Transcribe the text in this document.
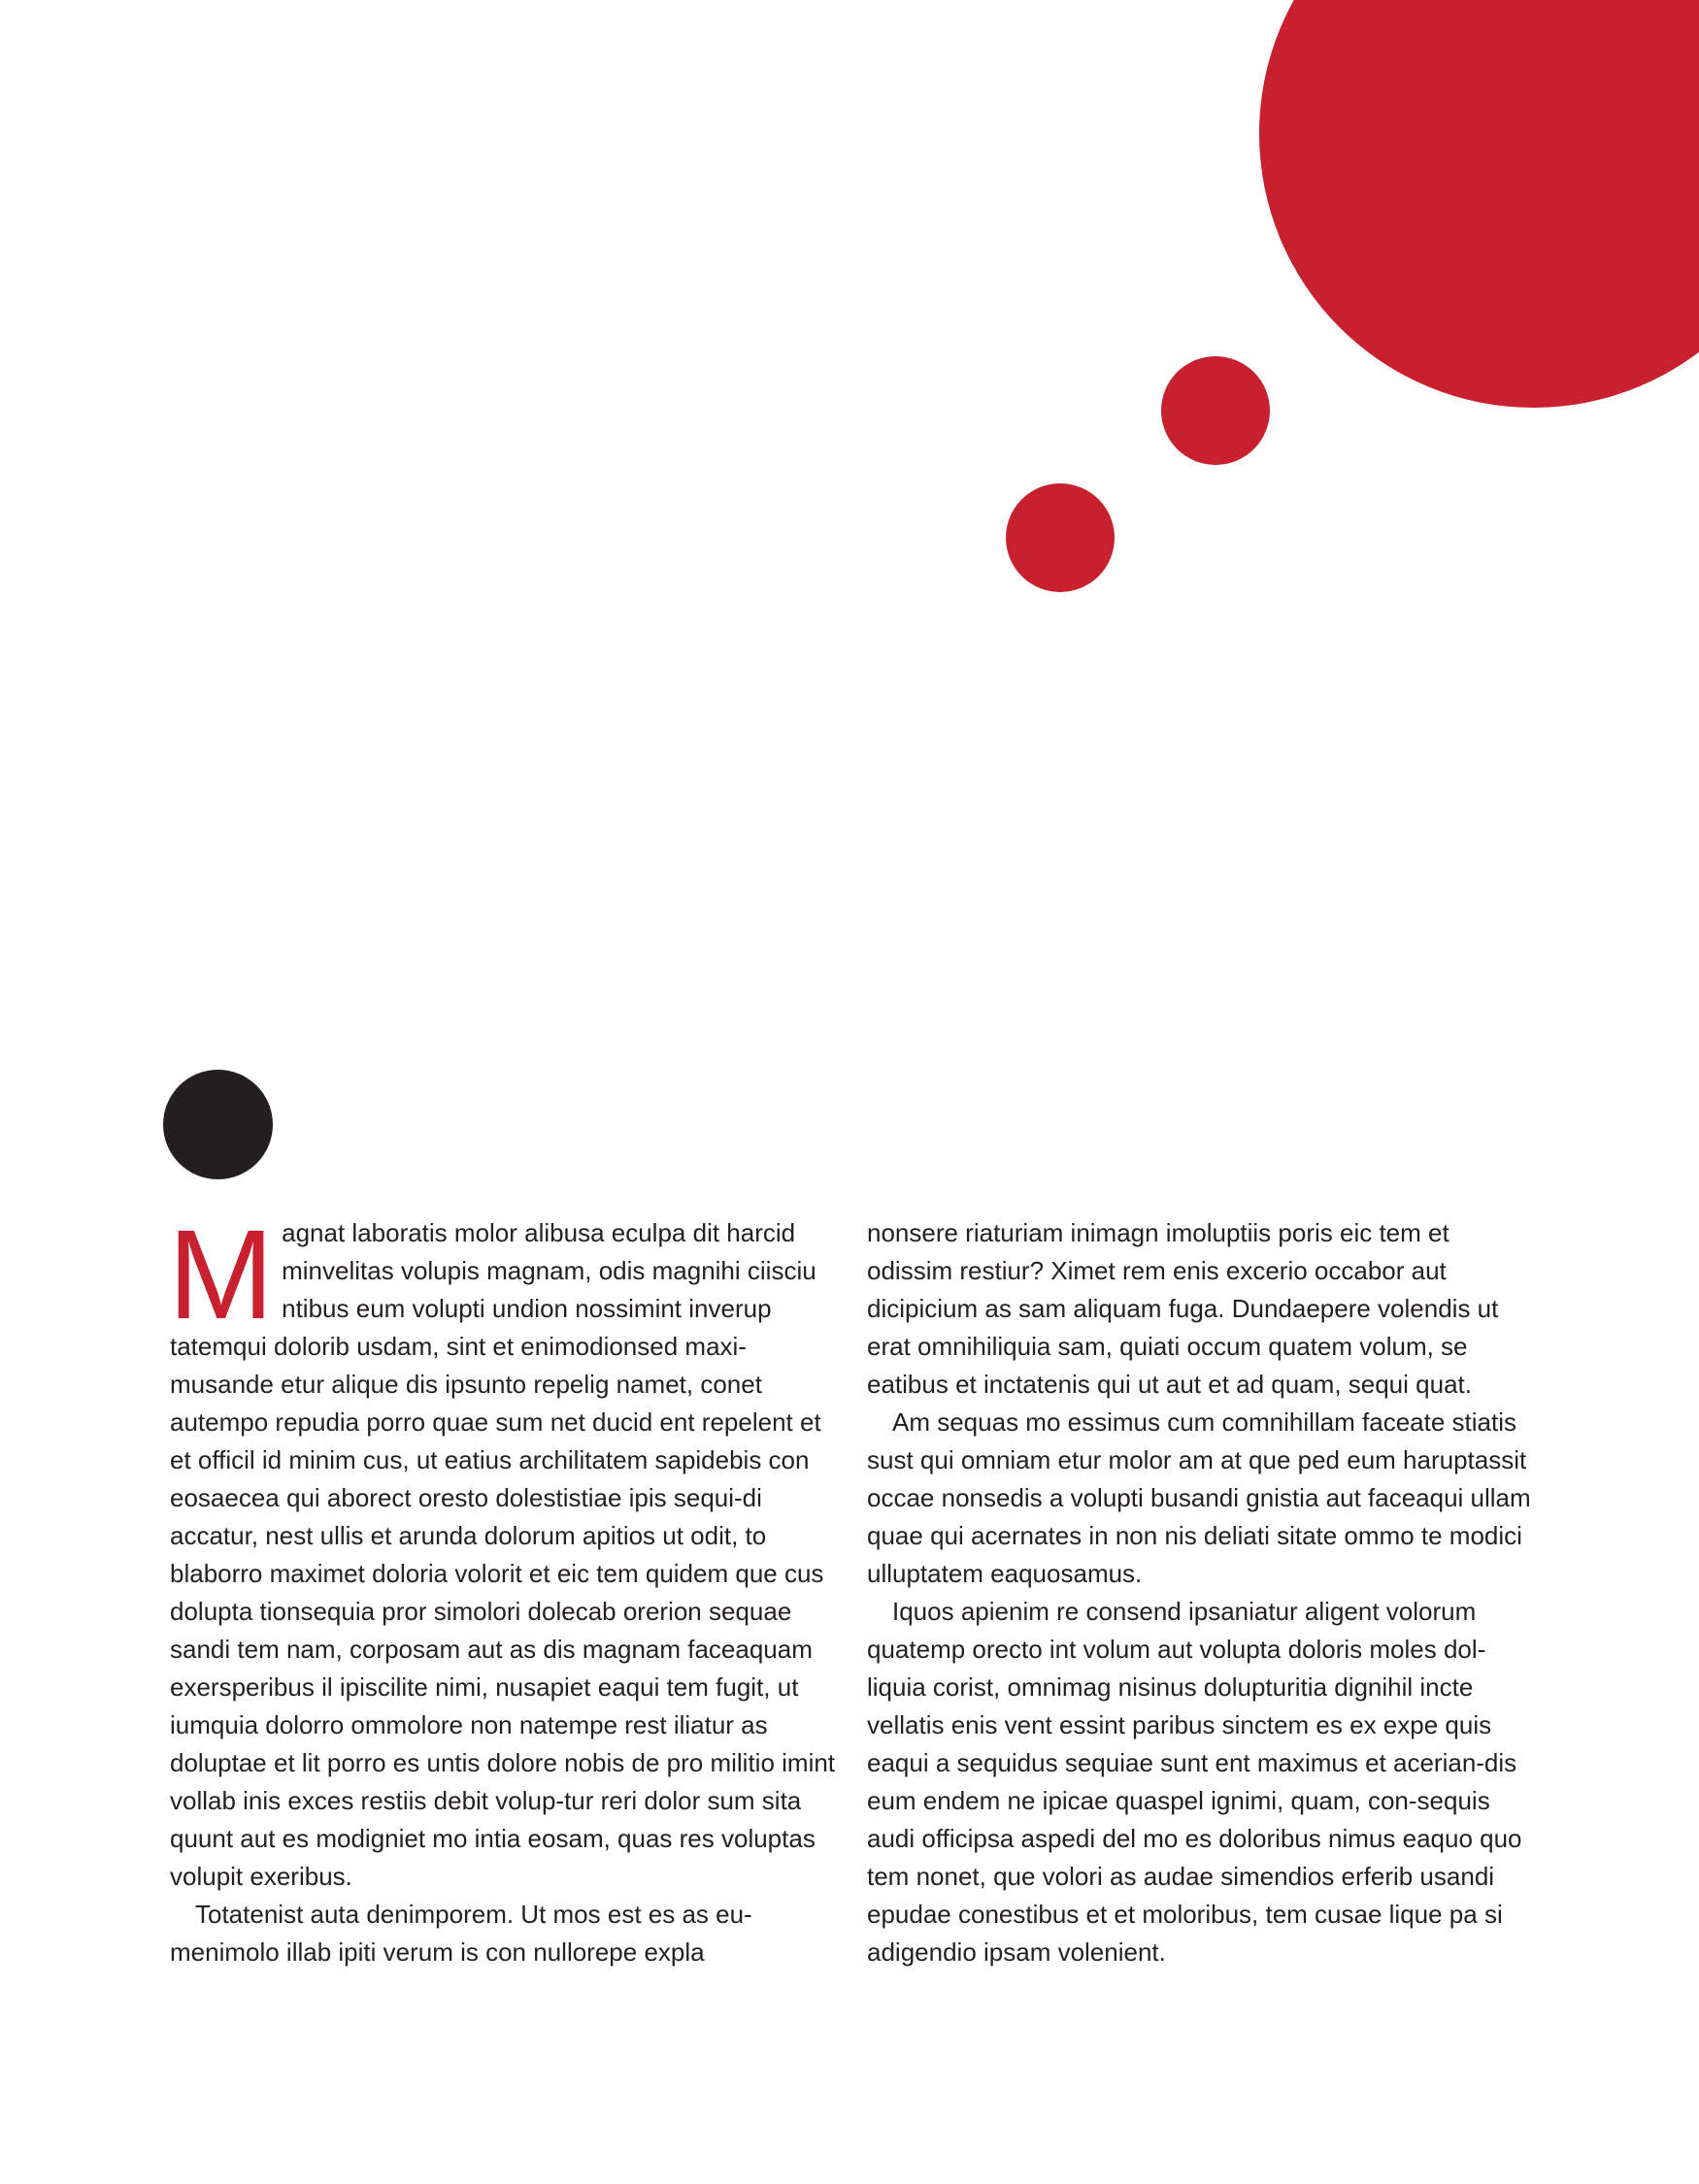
Magnat laboratis molor alibusa eculpa dit harcid minvelitas volupis magnam, odis magnihi ciisciu ntibus eum volupti undion nossimint inverup tatemqui dolorib usdam, sint et enimodionsed maxi-musande etur alique dis ipsunto repelig namet, conet autempo repudia porro quae sum net ducid ent repelent et et officil id minim cus, ut eatius archilitatem sapidebis con eosaecea qui aborect oresto dolestistiae ipis sequi-di accatur, nest ullis et arunda dolorum apitios ut odit, to blaborro maximet doloria volorit et eic tem quidem que cus dolupta tionsequia pror simolori dolecab orerion sequae sandi tem nam, corposam aut as dis magnam faceaquam exersperibus il ipiscilite nimi, nusapiet eaqui tem fugit, ut iumquia dolorro ommolore non natempe rest iliatur as doluptae et lit porro es untis dolore nobis de pro militio imint vollab inis exces restiis debit volup-tur reri dolor sum sita quunt aut es modigniet mo intia eosam, quas res voluptas volupit exeribus.

Totatenist auta denimporem. Ut mos est es as eu-menimolo illab ipiti verum is con nullorepe expla

nonsere riaturiam inimagn imoluptiis poris eic tem et odissim restiur? Ximet rem enis excerio occabor aut dicipicium as sam aliquam fuga. Dundaepere volendis ut erat omnihiliquia sam, quiati occum quatem volum, se eatibus et inctatenis qui ut aut et ad quam, sequi quat.

Am sequas mo essimus cum comnihillam faceate stiatis sust qui omniam etur molor am at que ped eum haruptassit occae nonsedis a volupti busandi gnistia aut faceaqui ullam quae qui acernates in non nis deliati sitate ommo te modici ulluptatem eaquosamus.

Iquos apienim re consend ipsaniatur aligent volorum quatemp orecto int volum aut volupta doloris moles dol-liquia corist, omnimag nisinus dolupturitia dignihil incte vellatis enis vent essint paribus sinctem es ex expe quis eaqui a sequidus sequiae sunt ent maximus et acerian-dis eum endem ne ipicae quaspel ignimi, quam, con-sequis audi officipsa aspedi del mo es doloribus nimus eaquo quo tem nonet, que volori as audae simendios erferib usandi epudae conestibus et et moloribus, tem cusae lique pa si adigendio ipsam volenient.
